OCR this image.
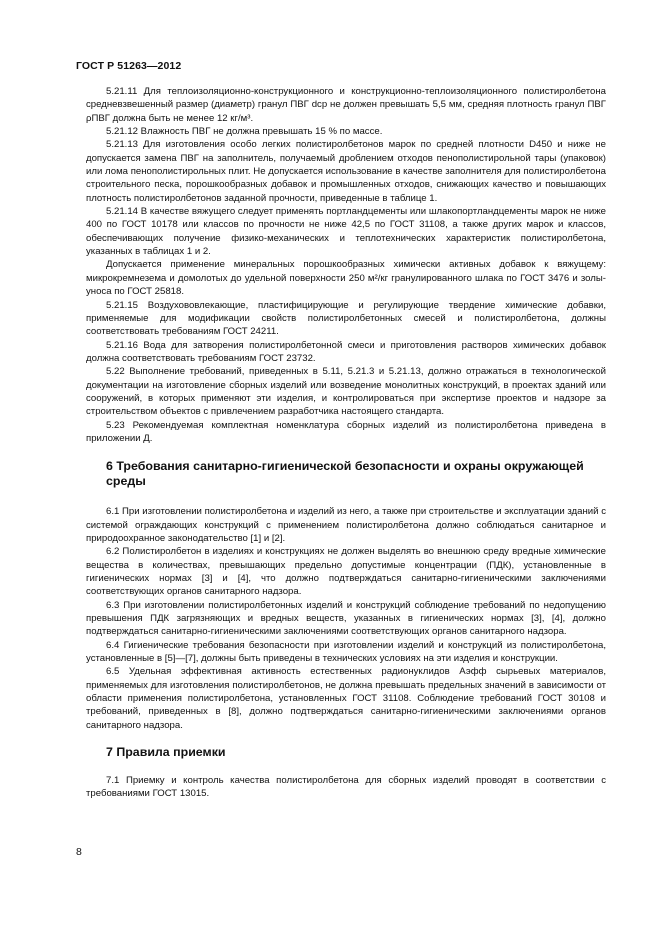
ГОСТ Р 51263—2012

5.21.11 Для теплоизоляционно-конструкционного и конструкционно-теплоизоляционного полистиролбетона средневзвешенный размер (диаметр) гранул ПВГ dср не должен превышать 5,5 мм, средняя плотность гранул ПВГ ρПВГ должна быть не менее 12 кг/м³.

5.21.12 Влажность ПВГ не должна превышать 15 % по массе.

5.21.13 Для изготовления особо легких полистиролбетонов марок по средней плотности D450 и ниже не допускается замена ПВГ на заполнитель, получаемый дроблением отходов пенополистирольной тары (упаковок) или лома пенополистирольных плит. Не допускается использование в качестве заполнителя для полистиролбетона строительного песка, порошкообразных добавок и промышленных отходов, снижающих качество и повышающих плотность полистиролбетонов заданной прочности, приведенные в таблице 1.

5.21.14 В качестве вяжущего следует применять портландцементы или шлакопортландцементы марок не ниже 400 по ГОСТ 10178 или классов по прочности не ниже 42,5 по ГОСТ 31108, а также других марок и классов, обеспечивающих получение физико-механических и теплотехнических характеристик полистиролбетона, указанных в таблицах 1 и 2.

Допускается применение минеральных порошкообразных химически активных добавок к вяжущему: микрокремнезема и домолотых до удельной поверхности 250 м²/кг гранулированного шлака по ГОСТ 3476 и золы-уноса по ГОСТ 25818.

5.21.15 Воздухововлекающие, пластифицирующие и регулирующие твердение химические добавки, применяемые для модификации свойств полистиролбетонных смесей и полистиролбетона, должны соответствовать требованиям ГОСТ 24211.

5.21.16 Вода для затворения полистиролбетонной смеси и приготовления растворов химических добавок должна соответствовать требованиям ГОСТ 23732.

5.22 Выполнение требований, приведенных в 5.11, 5.21.3 и 5.21.13, должно отражаться в технологической документации на изготовление сборных изделий или возведение монолитных конструкций, в проектах зданий или сооружений, в которых применяют эти изделия, и контролироваться при экспертизе проектов и надзоре за строительством объектов с привлечением разработчика настоящего стандарта.

5.23 Рекомендуемая комплектная номенклатура сборных изделий из полистиролбетона приведена в приложении Д.

6 Требования санитарно-гигиенической безопасности и охраны окружающей среды

6.1 При изготовлении полистиролбетона и изделий из него, а также при строительстве и эксплуатации зданий с системой ограждающих конструкций с применением полистиролбетона должно соблюдаться санитарное и природоохранное законодательство [1] и [2].

6.2 Полистиролбетон в изделиях и конструкциях не должен выделять во внешнюю среду вредные химические вещества в количествах, превышающих предельно допустимые концентрации (ПДК), установленные в гигиенических нормах [3] и [4], что должно подтверждаться санитарно-гигиеническими заключениями соответствующих органов санитарного надзора.

6.3 При изготовлении полистиролбетонных изделий и конструкций соблюдение требований по недопущению превышения ПДК загрязняющих и вредных веществ, указанных в гигиенических нормах [3], [4], должно подтверждаться санитарно-гигиеническими заключениями соответствующих органов санитарного надзора.

6.4 Гигиенические требования безопасности при изготовлении изделий и конструкций из полистиролбетона, установленные в [5]—[7], должны быть приведены в технических условиях на эти изделия и конструкции.

6.5 Удельная эффективная активность естественных радионуклидов Аэфф сырьевых материалов, применяемых для изготовления полистиролбетонов, не должна превышать предельных значений в зависимости от области применения полистиролбетона, установленных ГОСТ 31108. Соблюдение требований ГОСТ 30108 и требований, приведенных в [8], должно подтверждаться санитарно-гигиеническими заключениями органов санитарного надзора.

7 Правила приемки

7.1 Приемку и контроль качества полистиролбетона для сборных изделий проводят в соответствии с требованиями ГОСТ 13015.

8
